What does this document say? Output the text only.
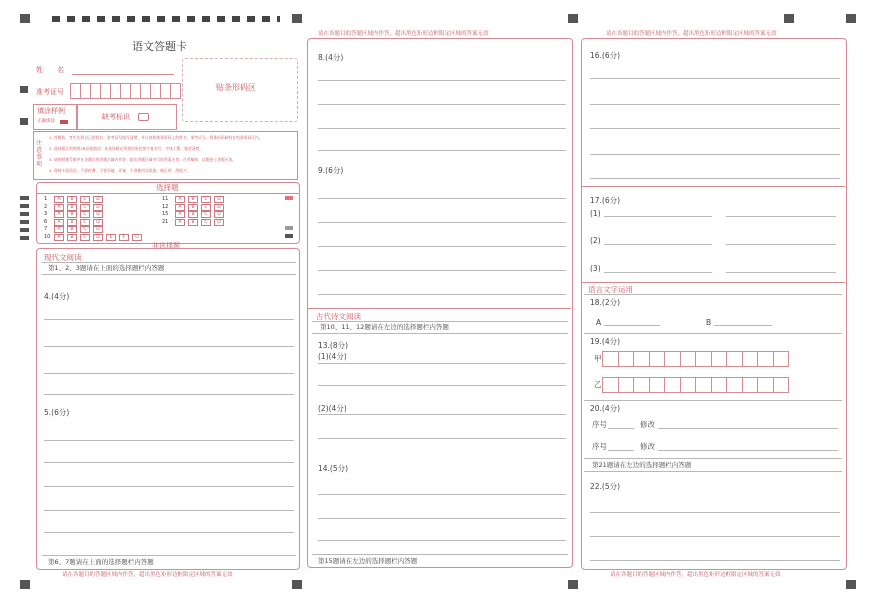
语文答题卡
姓　　名
准考证号	贴条形码区
填涂样例
正确填涂
缺考标识
注意事项
1. 答题前，考生先将自己的姓名、准考证号填写清楚，并认真核准条形码上的姓名、准考证号。将条形码粘贴在贴条形码区内。
2. 选择题必须使用2B铅笔填涂；非选择题必须使用黑色签字笔书写，字体工整、笔迹清楚。
3. 请按照题号顺序在各题目的答题区域内作答，超出答题区域书写的答案无效；在草稿纸、试题卷上答题无效。
4. 保持卡面清洁，不要折叠、不要弄破、弄皱，不准使用涂改液、修正带、刮纸刀。
选择题
1 A B C D
2 A B C D
3 A B C D
6 A B C D
7 A B C D
10 A B C D E F G
11 A B C D
12 A B C D
15 A B C D
21 A B C D
非选择题
现代文阅读
第1、2、3题请在上面的选择题栏内答题
4.(4分)
5.(6分)
第6、7题请在上面的选择题栏内答题
请在各题目的答题区域内作答，超出黑色矩形边框限定区域的答案无效
请在各题目的答题区域内作答，超出黑色矩形边框限定区域的答案无效
8.(4分)
9.(6分)
古代诗文阅读
第10、11、12题请在左边的选择题栏内答题
13.(8分)
(1)(4分)
(2)(4分)
14.(5分)
第15题请在左边的选择题栏内答题
请在各题目的答题区域内作答，超出黑色矩形边框限定区域的答案无效
16.(6分)
17.(6分)
(1)
(2)
(3)
语言文字运用
18.(2分)
A	B
19.(4分)
甲
乙
20.(4分)
序号	修改
序号	修改
第21题请在左边的选择题栏内答题
22.(5分)
请在各题目的答题区域内作答，超出黑色矩形边框限定区域的答案无效
